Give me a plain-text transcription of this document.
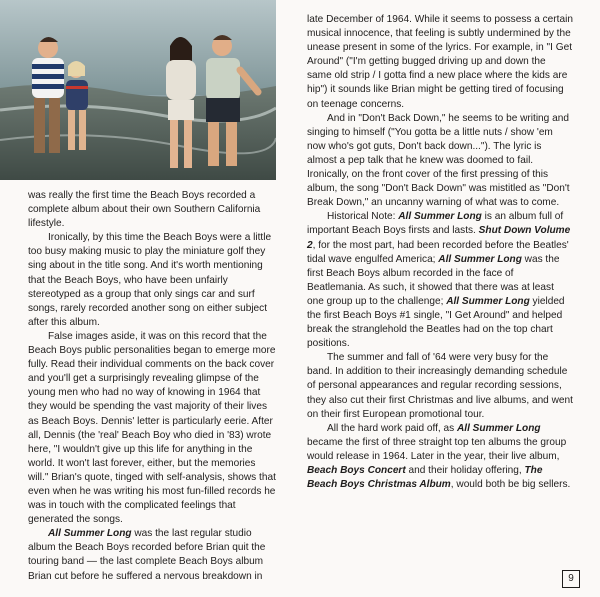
was really the first time the Beach Boys recorded a complete album about their own Southern California lifestyle.

Ironically, by this time the Beach Boys were a little too busy making music to play the miniature golf they sing about in the title song. And it's worth mentioning that the Beach Boys, who have been unfairly stereotyped as a group that only sings car and surf songs, rarely recorded another song on either subject after this album.

False images aside, it was on this record that the Beach Boys public personalities began to emerge more fully. Read their individual comments on the back cover and you'll get a surprisingly revealing glimpse of the young men who had no way of knowing in 1964 that they would be spending the vast majority of their lives as Beach Boys. Dennis' letter is particularly eerie. After all, Dennis (the 'real' Beach Boy who died in '83) wrote here, "I wouldn't give up this life for anything in the world. It won't last forever, either, but the memories will." Brian's quote, tinged with self-analysis, shows that even when he was writing his most fun-filled records he was in touch with the complicated feelings that generated the songs.

All Summer Long was the last regular studio album the Beach Boys recorded before Brian quit the touring band — the last complete Beach Boys album Brian cut before he suffered a nervous breakdown in

late December of 1964. While it seems to possess a certain musical innocence, that feeling is subtly undermined by the unease present in some of the lyrics. For example, in "I Get Around" ("I'm getting bugged driving up and down the same old strip / I gotta find a new place where the kids are hip") it sounds like Brian might be getting tired of focusing on teenage concerns.

And in "Don't Back Down," he seems to be writing and singing to himself ("You gotta be a little nuts / show 'em now who's got guts, Don't back down..."). The lyric is almost a pep talk that he knew was doomed to fail. Ironically, on the front cover of the first pressing of this album, the song "Don't Back Down" was mistitled as "Don't Break Down," an uncanny warning of what was to come.

Historical Note: All Summer Long is an album full of important Beach Boys firsts and lasts. Shut Down Volume 2, for the most part, had been recorded before the Beatles' tidal wave engulfed America; All Summer Long was the first Beach Boys album recorded in the face of Beatlemania. As such, it showed that there was at least one group up to the challenge; All Summer Long yielded the first Beach Boys #1 single, "I Get Around" and helped break the stranglehold the Beatles had on the top chart positions.

The summer and fall of '64 were very busy for the band. In addition to their increasingly demanding schedule of personal appearances and regular recording sessions, they also cut their first Christmas and live albums, and went on their first European promotional tour.

All the hard work paid off, as All Summer Long became the first of three straight top ten albums the group would release in 1964. Later in the year, their live album, Beach Boys Concert and their holiday offering, The Beach Boys Christmas Album, would both be big sellers.

9
